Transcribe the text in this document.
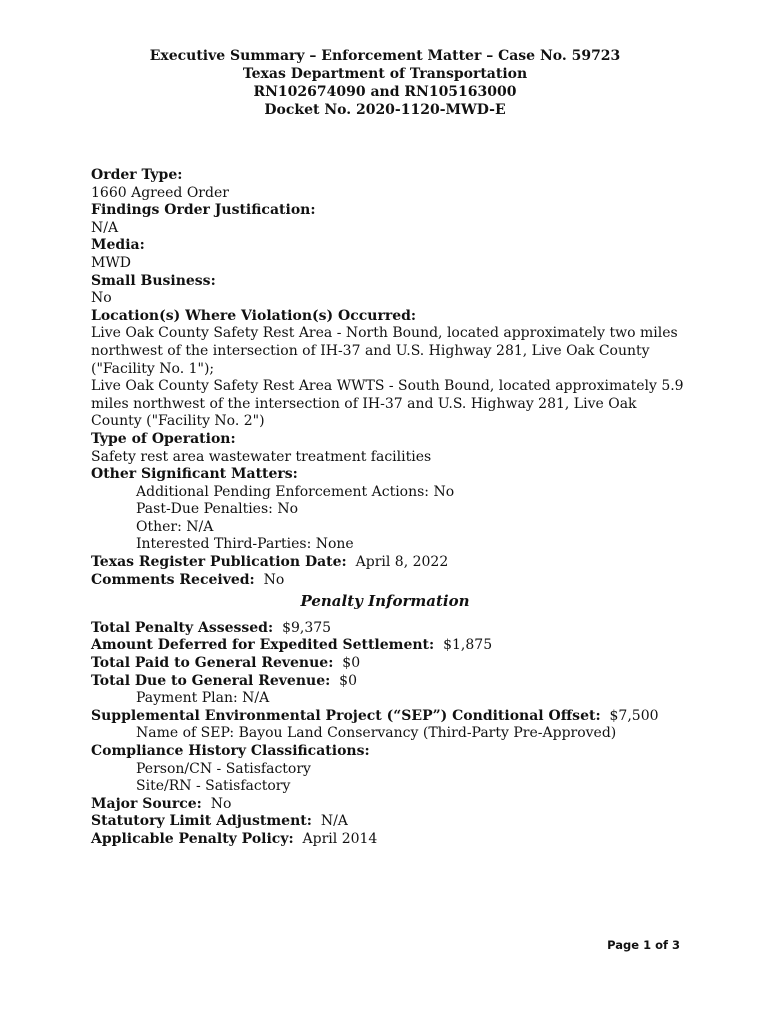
Executive Summary – Enforcement Matter – Case No. 59723
Texas Department of Transportation
RN102674090 and RN105163000
Docket No. 2020-1120-MWD-E
Order Type:
1660 Agreed Order
Findings Order Justification:
N/A
Media:
MWD
Small Business:
No
Location(s) Where Violation(s) Occurred:
Live Oak County Safety Rest Area - North Bound, located approximately two miles northwest of the intersection of IH-37 and U.S. Highway 281, Live Oak County ("Facility No. 1");
Live Oak County Safety Rest Area WWTS - South Bound, located approximately 5.9 miles northwest of the intersection of IH-37 and U.S. Highway 281, Live Oak County ("Facility No. 2")
Type of Operation:
Safety rest area wastewater treatment facilities
Other Significant Matters:
Additional Pending Enforcement Actions: No
Past-Due Penalties: No
Other: N/A
Interested Third-Parties: None
Texas Register Publication Date: April 8, 2022
Comments Received: No
Penalty Information
Total Penalty Assessed: $9,375
Amount Deferred for Expedited Settlement: $1,875
Total Paid to General Revenue: $0
Total Due to General Revenue: $0
Payment Plan: N/A
Supplemental Environmental Project (“SEP”) Conditional Offset: $7,500
Name of SEP: Bayou Land Conservancy (Third-Party Pre-Approved)
Compliance History Classifications:
Person/CN - Satisfactory
Site/RN - Satisfactory
Major Source: No
Statutory Limit Adjustment: N/A
Applicable Penalty Policy: April 2014
Page 1 of 3
